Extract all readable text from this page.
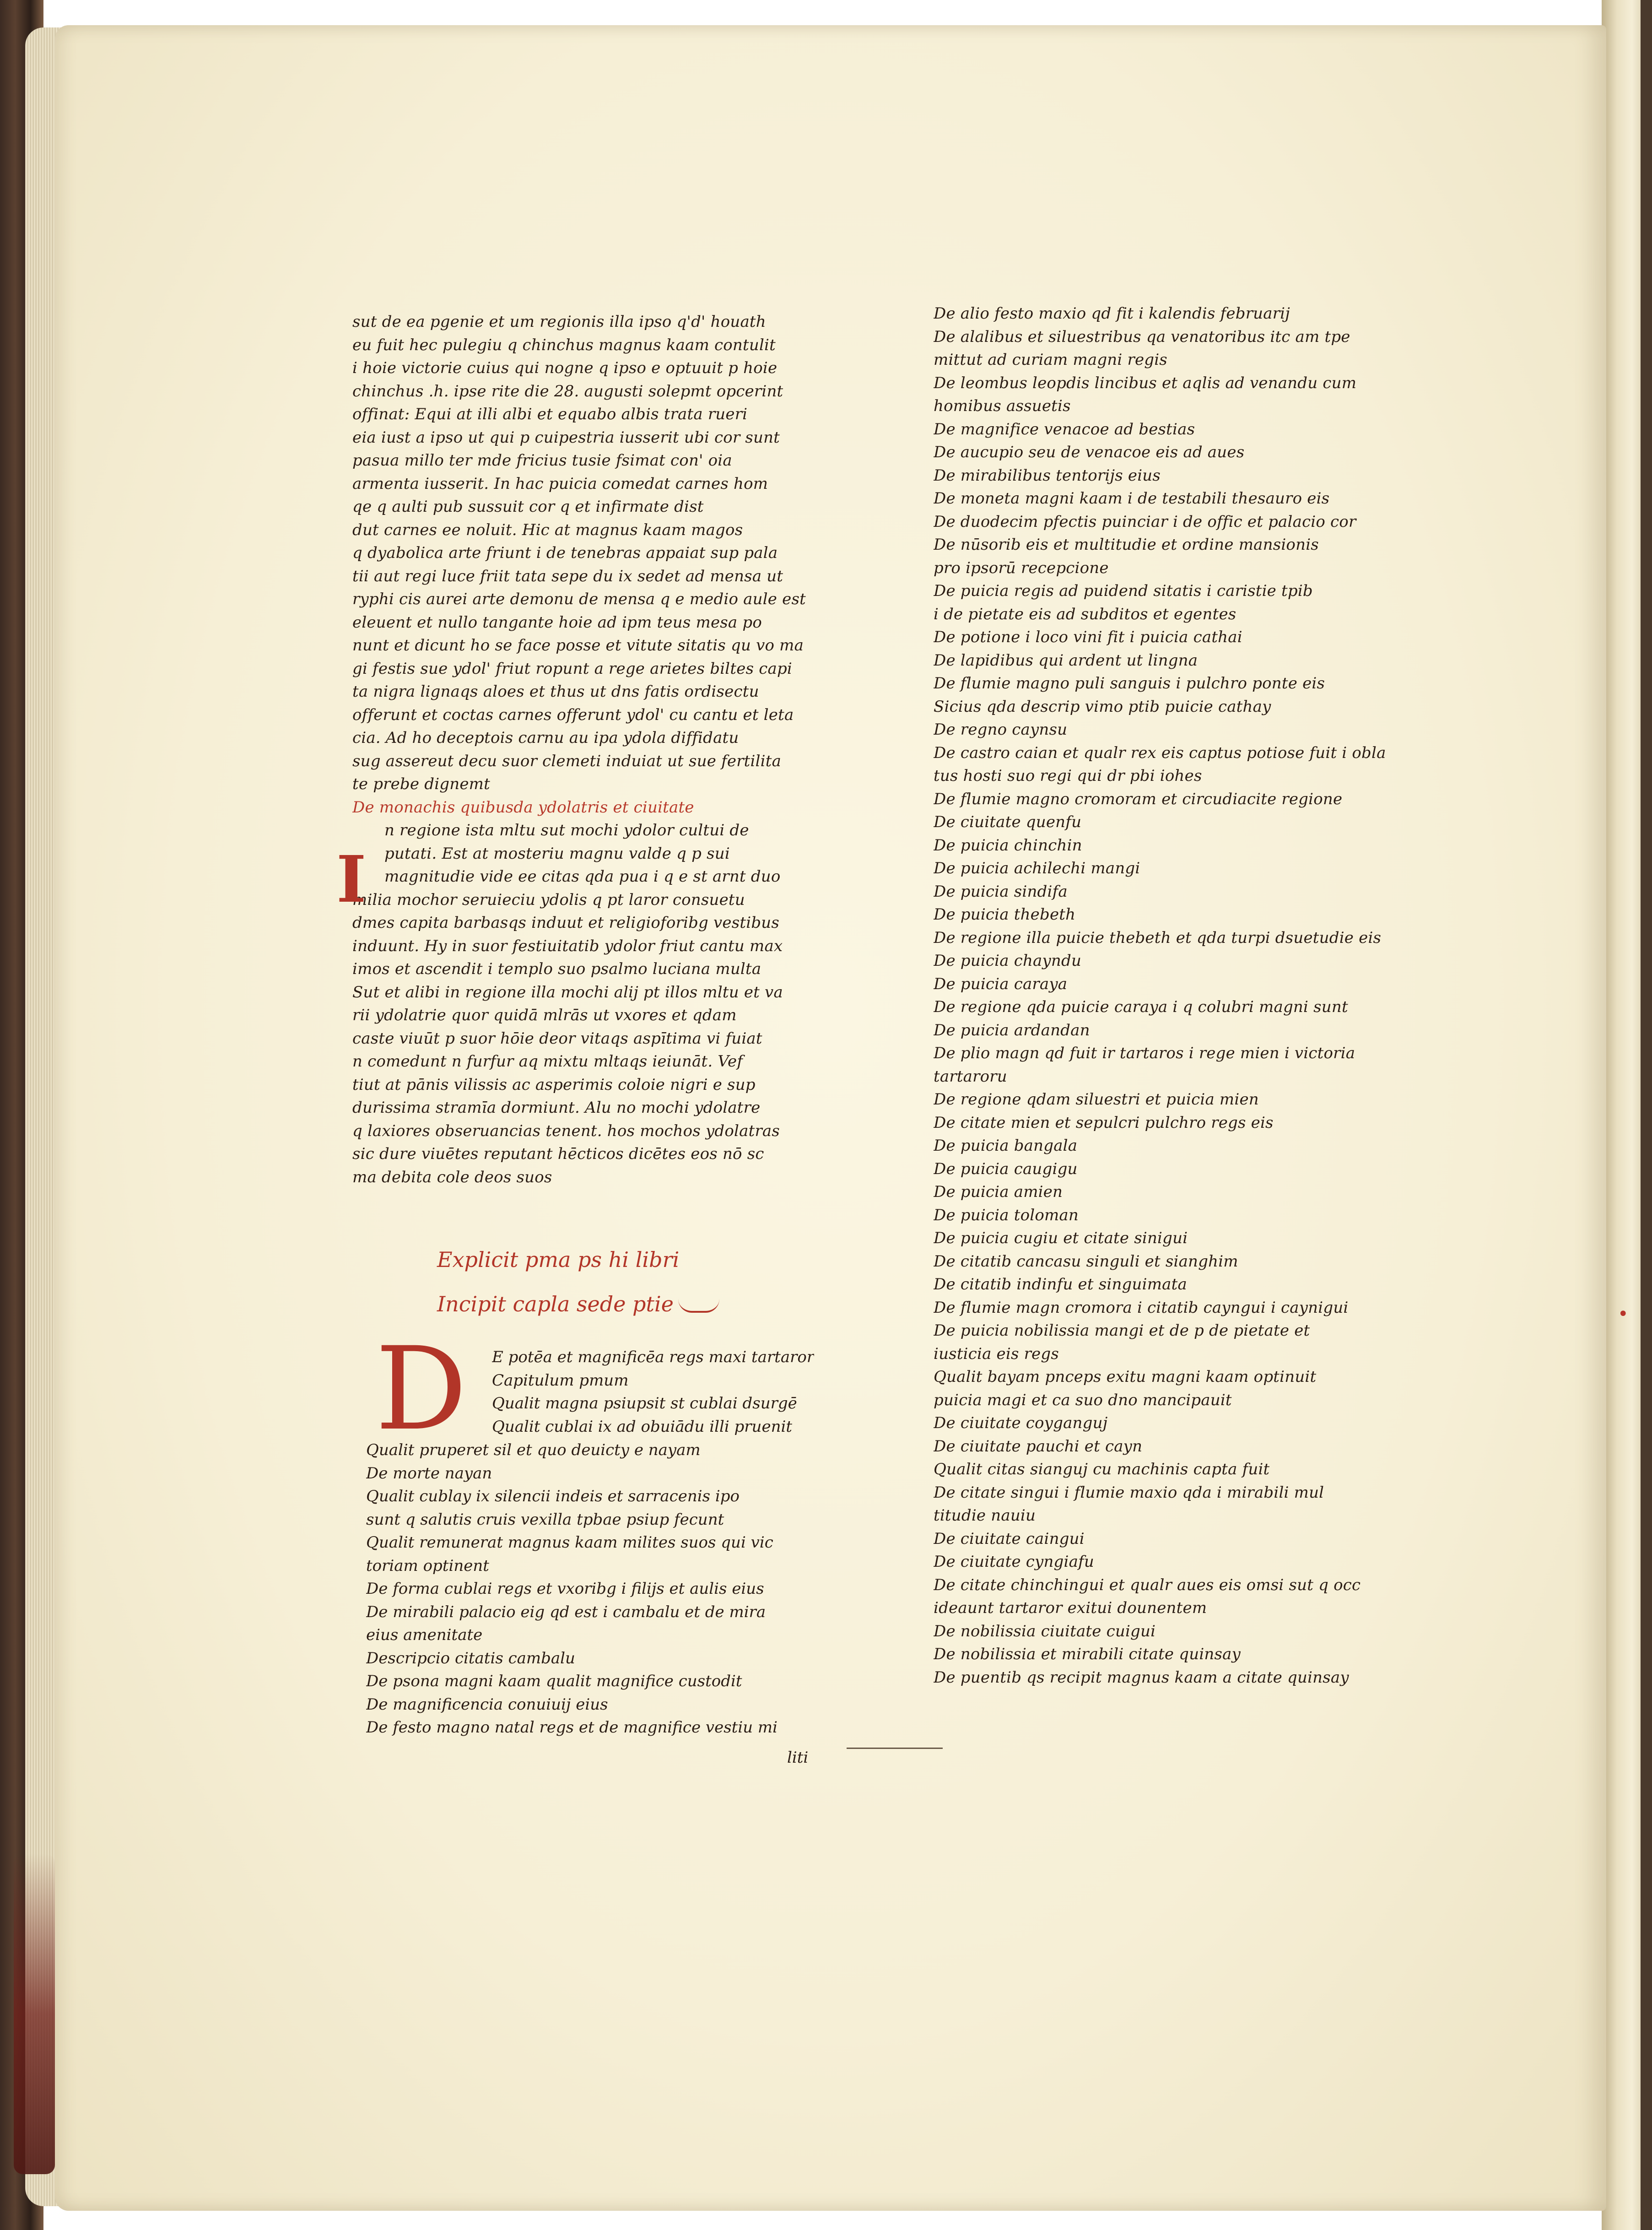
sut de ea pgenie et um regionis illa ipso q'd' houath
eu fuit hec pulegiu q chinchus magnus kaam contulit
i hoie victorie cuius qui nogne q ipso e optuuit p hoie
chinchus .h. ipse rite die 28. augusti solepmt opcerint
offinat: Equi at illi albi et equabo albis trata rueri
eia iust a ipso ut qui p cuipestria iusserit ubi cor sunt
pasua millo ter mde fricius tusie fsimat con' oia
armenta iusserit. In hac puicia comedat carnes hom
qe q aulti pub sussuit cor q et infirmate dist
dut carnes ee noluit. Hic at magnus kaam magos
q dyabolica arte friunt i de tenebras appaiat sup pala
tii aut regi luce friit tata sepe du ix sedet ad mensa ut
ryphi cis aurei arte demonu de mensa q e medio aule est
eleuent et nullo tangante hoie ad ipm teus mesa po
nunt et dicunt ho se face posse et vitute sitatis qu vo ma
gi festis sue ydol' friut ropunt a rege arietes biltes capi
ta nigra lignaqs aloes et thus ut dns fatis ordisectu
offerunt et coctas carnes offerunt ydol' cu cantu et leta
cia. Ad ho deceptois carnu au ipa ydola diffidatu
sug assereut decu suor clemeti induiat ut sue fertilita
te prebe dignemt
De monachis quibusda ydolatris et ciuitate
n regione ista mltu sut mochi ydolor cultui de
putati. Est at mosteriu magnu valde q p sui
magnitudie vide ee citas qda pua i q e st arnt duo
milia mochor seruieciu ydolis q pt laror consuetu
dmes capita barbasqs induut et religioforibg vestibus
induunt. Hy in suor festiuitatib ydolor friut cantu max
imos et ascendit i templo suo psalmo luciana multa
Sut et alibi in regione illa mochi alij pt illos mltu et va
rii ydolatrie quor quidā mlrās ut vxores et qdam
caste viuūt p suor hōie deor vitaqs aspītima vi fuiat
n comedunt n furfur aq mixtu mltaqs ieiunāt. Vef
tiut at pānis vilissis ac asperimis coloie nigri e sup
durissima stramīa dormiunt. Alu no mochi ydolatre
q laxiores obseruancias tenent. hos mochos ydolatras
sic dure viuētes reputant hēcticos dicētes eos nō sc
ma debita cole deos suos
De alio festo maxio qd fit i kalendis februarij
De alalibus et siluestribus qa venatoribus itc am tpe
mittut ad curiam magni regis
De leombus leopdis lincibus et aqlis ad venandu cum
homibus assuetis
De magnifice venacoe ad bestias
De aucupio seu de venacoe eis ad aues
De mirabilibus tentorijs eius
De moneta magni kaam i de testabili thesauro eis
De duodecim pfectis puinciar i de offic et palacio cor
De nūsorib eis et multitudie et ordine mansionis
pro ipsorū recepcione
De puicia regis ad puidend sitatis i caristie tpib
i de pietate eis ad subditos et egentes
De potione i loco vini fit i puicia cathai
De lapidibus qui ardent ut lingna
De flumie magno puli sanguis i pulchro ponte eis
Sicius qda descrip vimo ptib puicie cathay
De regno caynsu
De castro caian et qualr rex eis captus potiose fuit i obla
tus hosti suo regi qui dr pbi iohes
De flumie magno cromoram et circudiacite regione
De ciuitate quenfu
De puicia chinchin
De puicia achilechi mangi
De puicia sindifa
De puicia thebeth
De regione illa puicie thebeth et qda turpi dsuetudie eis
De puicia chayndu
De puicia caraya
De regione qda puicie caraya i q colubri magni sunt
De puicia ardandan
De plio magn qd fuit ir tartaros i rege mien i victoria
tartaroru
De regione qdam siluestri et puicia mien
De citate mien et sepulcri pulchro regs eis
De puicia bangala
De puicia caugigu
De puicia amien
De puicia toloman
De puicia cugiu et citate sinigui
De citatib cancasu singuli et sianghim
De citatib indinfu et singuimata
De flumie magn cromora i citatib cayngui i caynigui
De puicia nobilissia mangi et de p de pietate et
iusticia eis regs
Qualit bayam pnceps exitu magni kaam optinuit
puicia magi et ca suo dno mancipauit
De ciuitate coyganguj
De ciuitate pauchi et cayn
Qualit citas sianguj cu machinis capta fuit
De citate singui i flumie maxio qda i mirabili mul
titudie nauiu
De ciuitate caingui
De ciuitate cyngiafu
De citate chinchingui et qualr aues eis omsi sut q occ
ideaunt tartaror exitui dounentem
De nobilissia ciuitate cuigui
De nobilissia et mirabili citate quinsay
De puentib qs recipit magnus kaam a citate quinsay
Explicit pma ps hi libri
Incipit capla sede ptie
I
D	E potēa et magnificēa regs maxi tartaror
Capitulum pmum
Qualit magna psiupsit st cublai dsurgē
Qualit cublai ix ad obuiādu illi pruenit
Qualit pruperet sil et quo deuicty e nayam
De morte nayan
Qualit cublay ix silencii indeis et sarracenis ipo
sunt q salutis cruis vexilla tpbae psiup fecunt
Qualit remunerat magnus kaam milites suos qui vic
toriam optinent
De forma cublai regs et vxoribg i filijs et aulis eius
De mirabili palacio eig qd est i cambalu et de mira
eius amenitate
Descripcio citatis cambalu
De psona magni kaam qualit magnifice custodit
De magnificencia conuiuij eius
De festo magno natal regs et de magnifice vestiu mi
liti
•
